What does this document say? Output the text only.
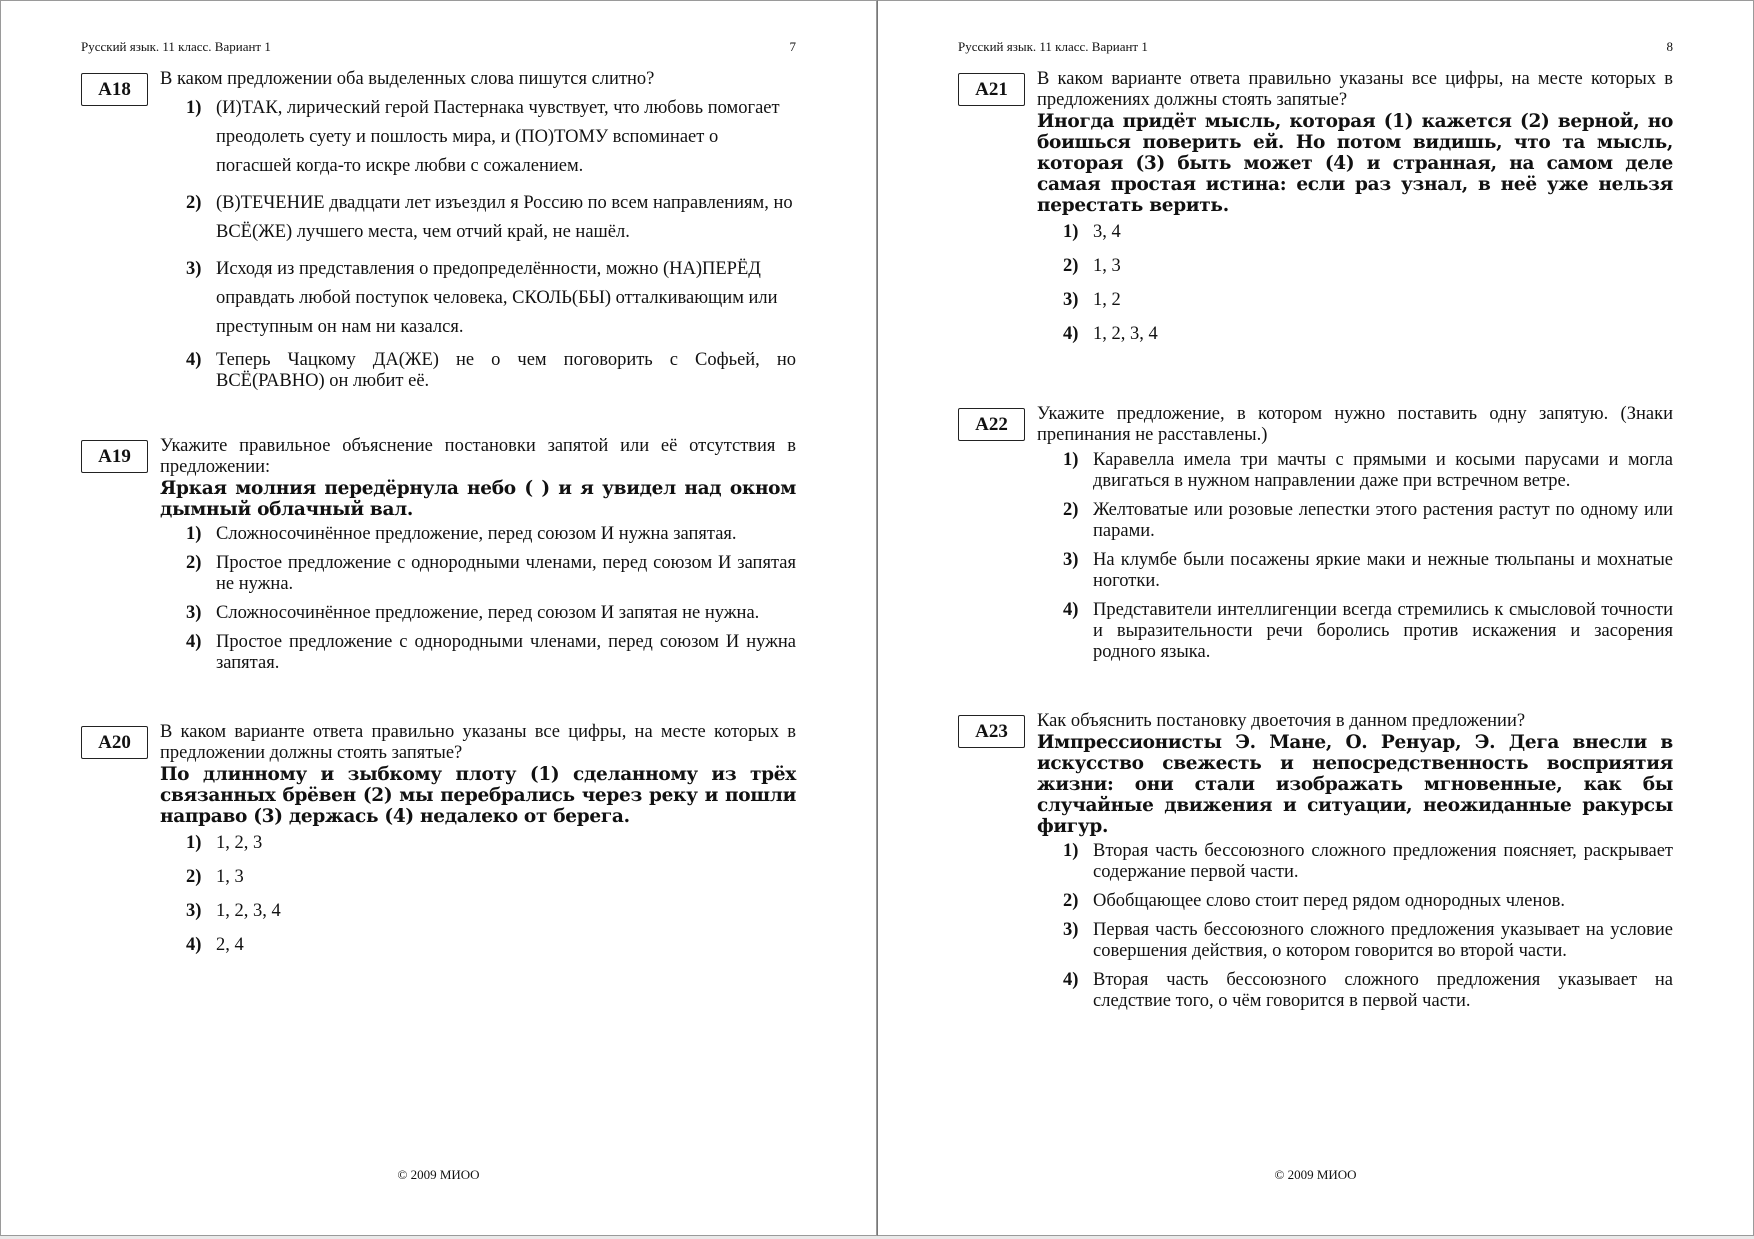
Русский язык. 11 класс. Вариант 1	7
A18	В каком предложении оба выделенных слова пишутся слитно?
1) (И)ТАК, лирический герой Пастернака чувствует, что любовь помогает преодолеть суету и пошлость мира, и (ПО)ТОМУ вспоминает о погасшей когда-то искре любви с сожалением.
2) (В)ТЕЧЕНИЕ двадцати лет изъездил я Россию по всем направлениям, но ВСЁ(ЖЕ) лучшего места, чем отчий край, не нашёл.
3) Исходя из представления о предопределённости, можно (НА)ПЕРЁД оправдать любой поступок человека, СКОЛЬ(БЫ) отталкивающим или преступным он нам ни казался.
4) Теперь Чацкому ДА(ЖЕ) не о чем поговорить с Софьей, но ВСЁ(РАВНО) он любит её.
A19	Укажите правильное объяснение постановки запятой или её отсутствия в предложении:
Яркая молния передёрнула небо ( ) и я увидел над окном дымный облачный вал.
1) Сложносочинённое предложение, перед союзом И нужна запятая.
2) Простое предложение с однородными членами, перед союзом И запятая не нужна.
3) Сложносочинённое предложение, перед союзом И запятая не нужна.
4) Простое предложение с однородными членами, перед союзом И нужна запятая.
A20	В каком варианте ответа правильно указаны все цифры, на месте которых в предложении должны стоять запятые?
По длинному и зыбкому плоту (1) сделанному из трёх связанных брёвен (2) мы перебрались через реку и пошли направо (3) держась (4) недалеко от берега.
1) 1, 2, 3
2) 1, 3
3) 1, 2, 3, 4
4) 2, 4
© 2009 МИОО
Русский язык. 11 класс. Вариант 1	8
A21	В каком варианте ответа правильно указаны все цифры, на месте которых в предложениях должны стоять запятые?
Иногда придёт мысль, которая (1) кажется (2) верной, но боишься поверить ей. Но потом видишь, что та мысль, которая (3) быть может (4) и странная, на самом деле самая простая истина: если раз узнал, в неё уже нельзя перестать верить.
1) 3, 4
2) 1, 3
3) 1, 2
4) 1, 2, 3, 4
A22	Укажите предложение, в котором нужно поставить одну запятую. (Знаки препинания не расставлены.)
1) Каравелла имела три мачты с прямыми и косыми парусами и могла двигаться в нужном направлении даже при встречном ветре.
2) Желтоватые или розовые лепестки этого растения растут по одному или парами.
3) На клумбе были посажены яркие маки и нежные тюльпаны и мохнатые ноготки.
4) Представители интеллигенции всегда стремились к смысловой точности и выразительности речи боролись против искажения и засорения родного языка.
A23	Как объяснить постановку двоеточия в данном предложении?
Импрессионисты Э. Мане, О. Ренуар, Э. Дега внесли в искусство свежесть и непосредственность восприятия жизни: они стали изображать мгновенные, как бы случайные движения и ситуации, неожиданные ракурсы фигур.
1) Вторая часть бессоюзного сложного предложения поясняет, раскрывает содержание первой части.
2) Обобщающее слово стоит перед рядом однородных членов.
3) Первая часть бессоюзного сложного предложения указывает на условие совершения действия, о котором говорится во второй части.
4) Вторая часть бессоюзного сложного предложения указывает на следствие того, о чём говорится в первой части.
© 2009 МИОО
